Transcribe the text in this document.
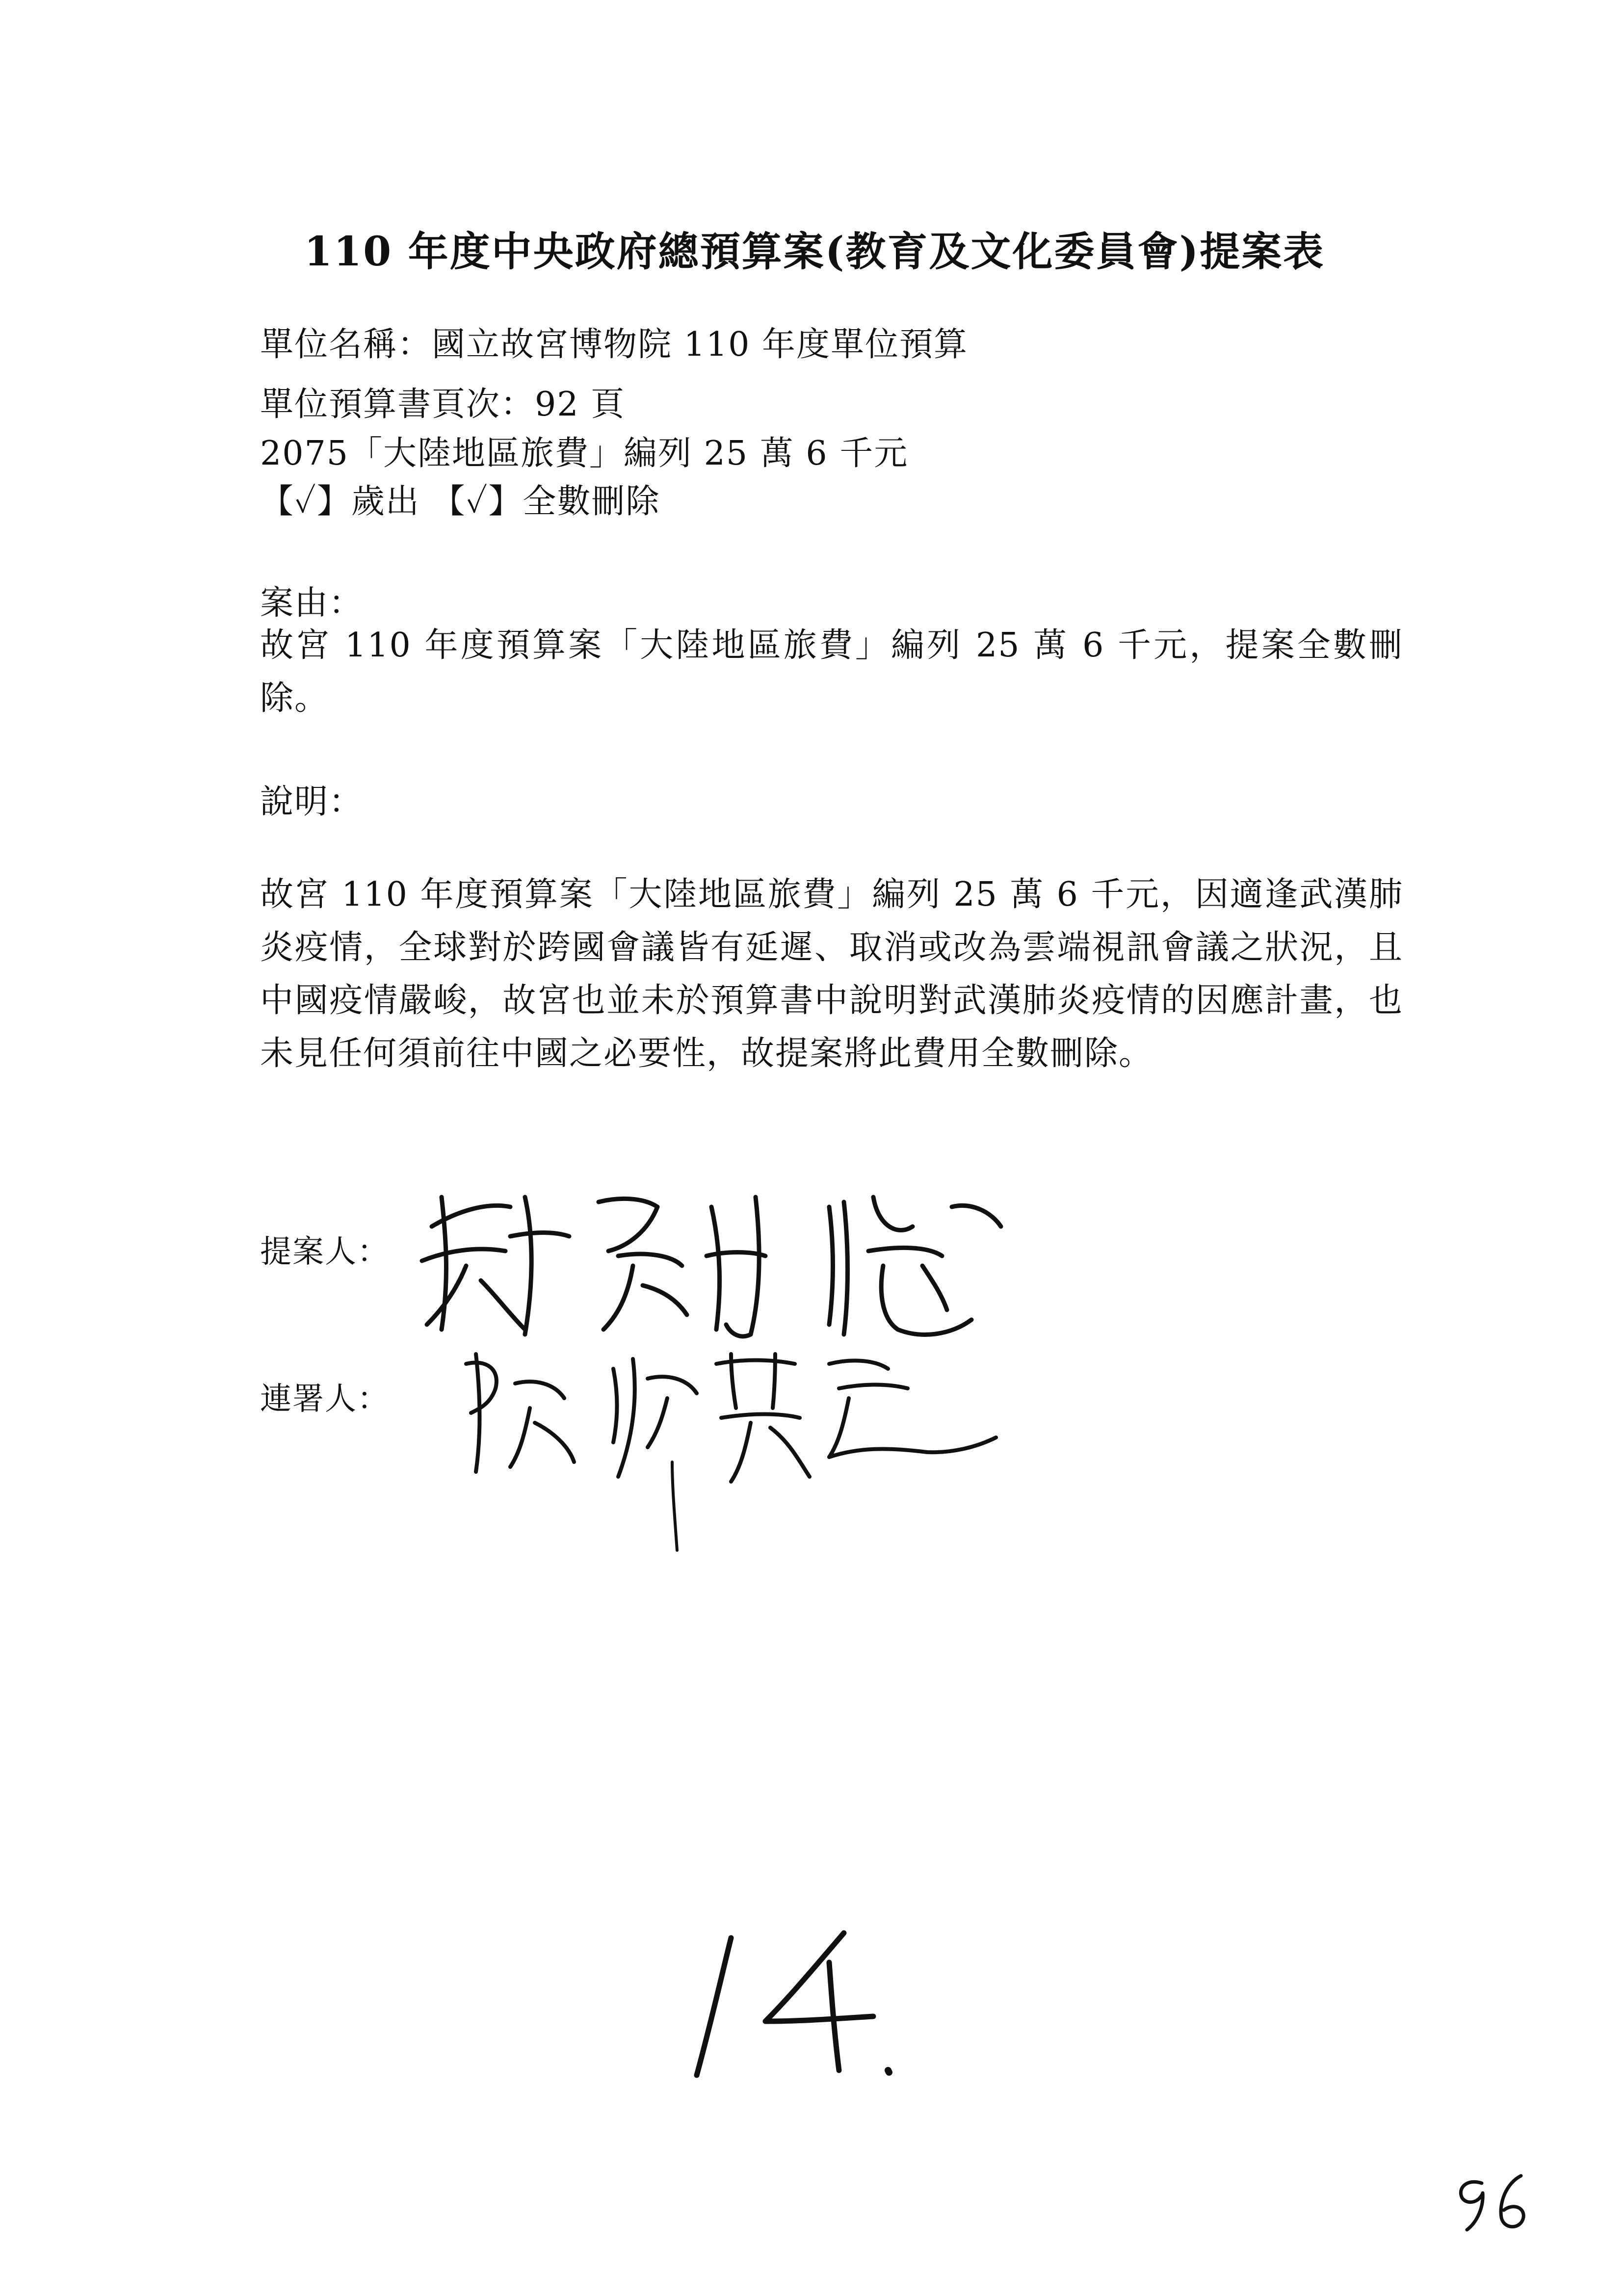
110 年度中央政府總預算案(教育及文化委員會)提案表
單位名稱：國立故宮博物院 110 年度單位預算
單位預算書頁次：92 頁
2075「大陸地區旅費」編列 25 萬 6 千元
【✓】歲出 【✓】全數刪除
案由：
故宮 110 年度預算案「大陸地區旅費」編列 25 萬 6 千元，提案全數刪除。
說明：
故宮 110 年度預算案「大陸地區旅費」編列 25 萬 6 千元，因適逢武漢肺炎疫情，全球對於跨國會議皆有延遲、取消或改為雲端視訊會議之狀況，且中國疫情嚴峻，故宮也並未於預算書中說明對武漢肺炎疫情的因應計畫，也未見任何須前往中國之必要性，故提案將此費用全數刪除。
提案人：
連署人：
